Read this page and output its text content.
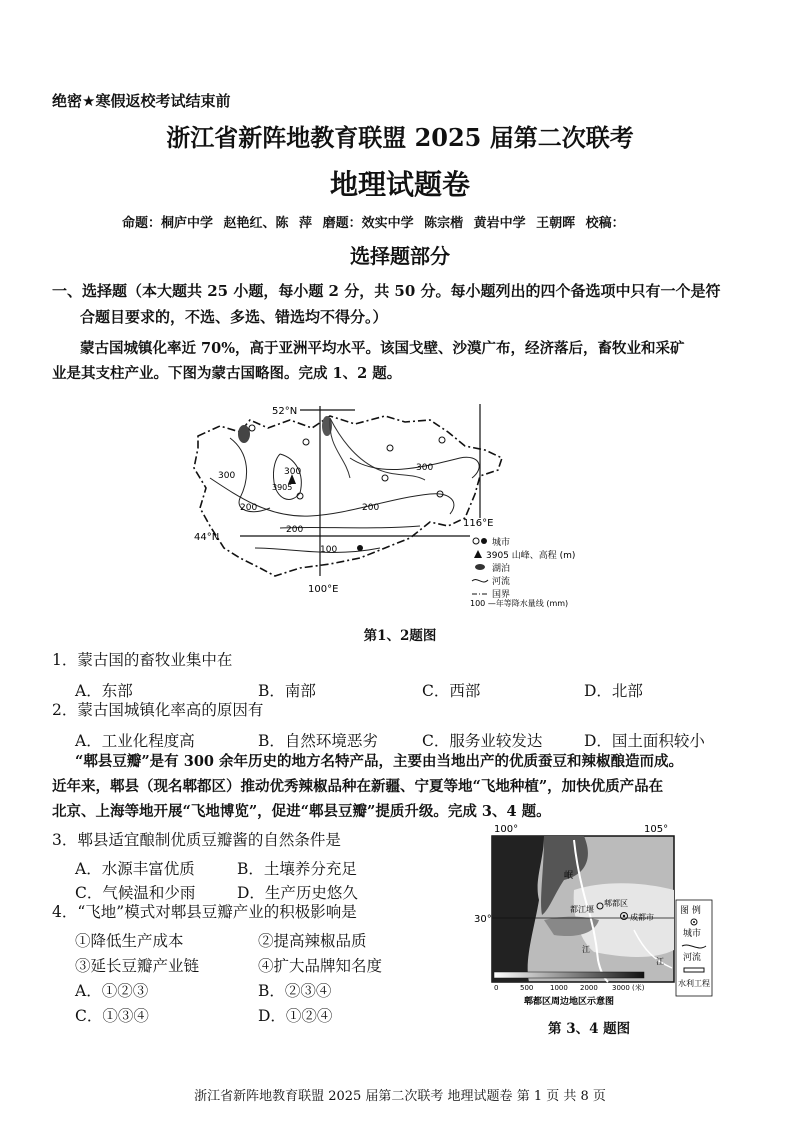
绝密★寒假返校考试结束前
浙江省新阵地教育联盟 2025 届第二次联考
地理试题卷
命题：桐庐中学 赵艳红、陈 萍 磨题：效实中学 陈宗楷 黄岩中学 王朝晖 校稿：
选择题部分
一、选择题（本大题共 25 小题，每小题 2 分，共 50 分。每小题列出的四个备选项中只有一个是符
合题目要求的，不选、多选、错选均不得分。）
蒙古国城镇化率近 70%，高于亚洲平均水平。该国戈壁、沙漠广布，经济落后，畜牧业和采矿
业是其支柱产业。下图为蒙古国略图。完成 1、2 题。
3905
52°N
44°N
100°E
116°E
300	300	300
200	200
200
100
城市
3905 山峰、高程 (m)
湖泊
河流
国界
100 —年等降水量线 (mm)
第1、2题图
1．蒙古国的畜牧业集中在
A．东部	B．南部	C．西部	D．北部
2．蒙古国城镇化率高的原因有
A．工业化程度高	B．自然环境恶劣	C．服务业较发达	D．国土面积较小
“郫县豆瓣”是有 300 余年历史的地方名特产品，主要由当地出产的优质蚕豆和辣椒酿造而成。
近年来，郫县（现名郫都区）推动优秀辣椒品种在新疆、宁夏等地“飞地种植”，加快优质产品在
北京、上海等地开展“飞地博览”，促进“郫县豆瓣”提质升级。完成 3、4 题。
3．郫县适宜酿制优质豆瓣酱的自然条件是
A．水源丰富优质	B．土壤养分充足
C．气候温和少雨	D．生产历史悠久
4．“飞地”模式对郫县豆瓣产业的积极影响是
①降低生产成本	②提高辣椒品质
③延长豆瓣产业链	④扩大品牌知名度
A．①②③	B．②③④
C．①③④	D．①②④
100°	105°
30°
岷
都江堰
郫都区
成都市
江
江
0	500 1000 2000 3000 (米)
郫都区周边地区示意图
图 例
城市
河流
水利工程
第 3、4 题图
浙江省新阵地教育联盟 2025 届第二次联考 地理试题卷 第 1 页 共 8 页
